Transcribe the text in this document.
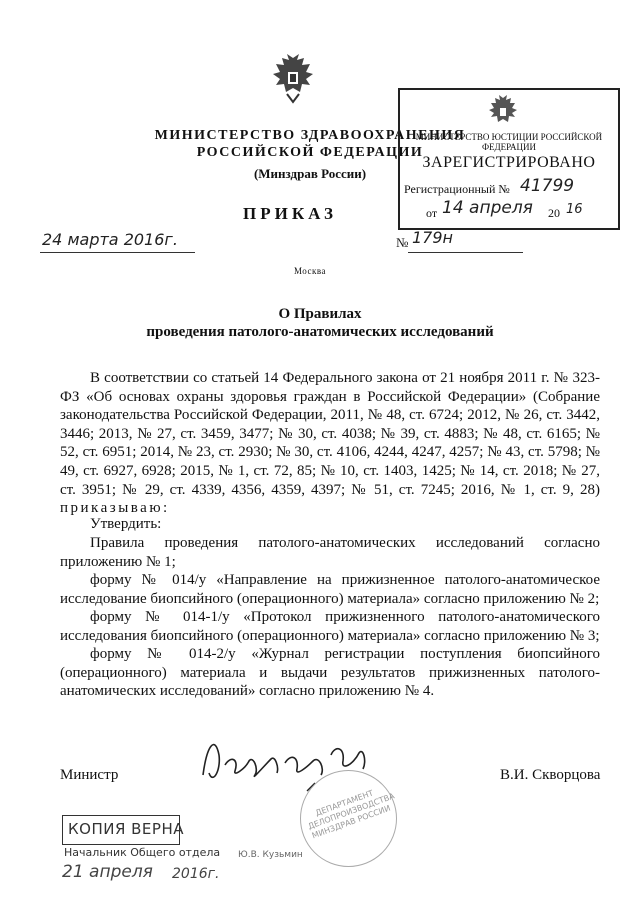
МИНИСТЕРСТВО ЗДРАВООХРАНЕНИЯ
РОССИЙСКОЙ ФЕДЕРАЦИИ
(Минздрав России)
ПРИКАЗ
МИНИСТЕРСТВО ЮСТИЦИИ РОССИЙСКОЙ ФЕДЕРАЦИИ
ЗАРЕГИСТРИРОВАНО
Регистрационный № 41799
от 14 апреля 20 16
24 марта 2016г.	№ 179н
Москва
О Правилах
проведения патолого-анатомических исследований
В соответствии со статьей 14 Федерального закона от 21 ноября 2011 г. № 323-ФЗ «Об основах охраны здоровья граждан в Российской Федерации» (Собрание законодательства Российской Федерации, 2011, № 48, ст. 6724; 2012, № 26, ст. 3442, 3446; 2013, № 27, ст. 3459, 3477; № 30, ст. 4038; № 39, ст. 4883; № 48, ст. 6165; № 52, ст. 6951; 2014, № 23, ст. 2930; № 30, ст. 4106, 4244, 4247, 4257; № 43, ст. 5798; № 49, ст. 6927, 6928; 2015, № 1, ст. 72, 85; № 10, ст. 1403, 1425; № 14, ст. 2018; № 27, ст. 3951; № 29, ст. 4339, 4356, 4359, 4397; № 51, ст. 7245; 2016, № 1, ст. 9, 28) приказываю:
Утвердить:
Правила проведения патолого-анатомических исследований согласно приложению № 1;
форму № 014/у «Направление на прижизненное патолого-анатомическое исследование биопсийного (операционного) материала» согласно приложению № 2;
форму № 014-1/у «Протокол прижизненного патолого-анатомического исследования биопсийного (операционного) материала» согласно приложению № 3;
форму № 014-2/у «Журнал регистрации поступления биопсийного (операционного) материала и выдачи результатов прижизненных патолого-анатомических исследований» согласно приложению № 4.
Министр	В.И. Скворцова
ДЕПАРТАМЕНТ ДЕЛОПРОИЗВОДСТВА МИНЗДРАВ РОССИИ
КОПИЯ ВЕРНА
Начальник Общего отдела
21 апреля 2016г.
Ю.В. Кузьмин
